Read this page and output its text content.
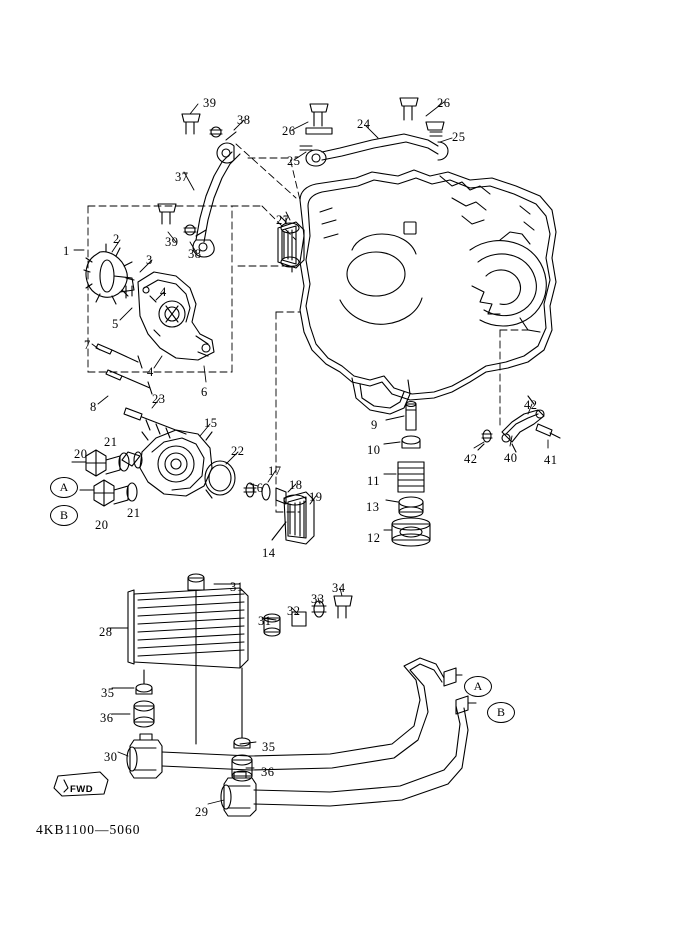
FWD
4KB1100—5060
1
2
3
4
4
5
6
7
8
9
10
11
12
13
14
15
16
17
18
19
20
20
21
21
22
23
24
25
25
26
26
27
28
29
30
31
31
32
33
34
35
35
36
36
37
38
38
39
39
40 41
42
42
A
B
A
B
